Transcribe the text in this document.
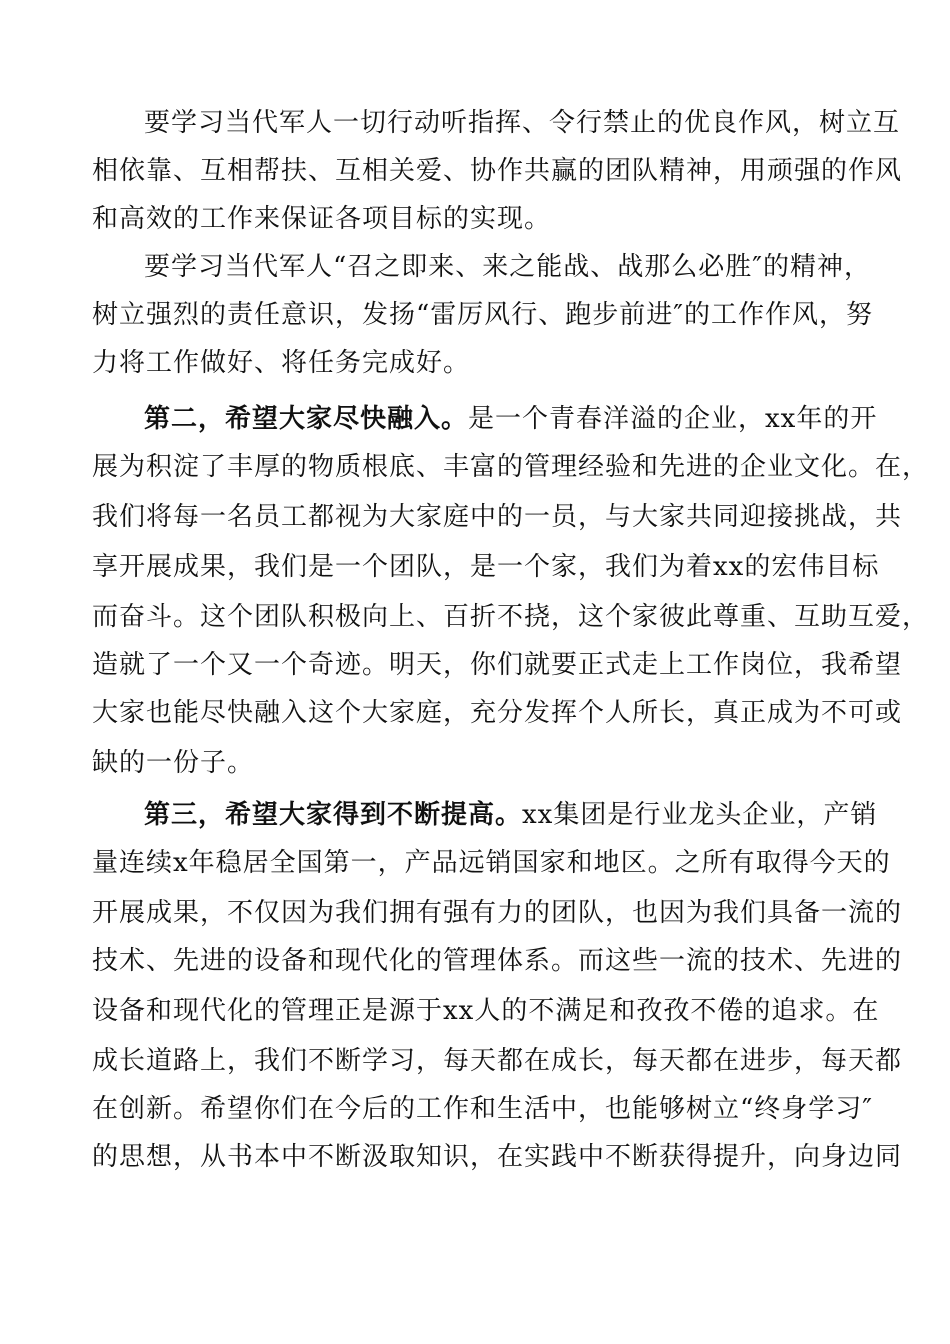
要学习当代军人一切行动听指挥、令行禁止的优良作风，树立互
相依靠、互相帮扶、互相关爱、协作共赢的团队精神，用顽强的作风
和高效的工作来保证各项目标的实现。
要学习当代军人“召之即来、来之能战、战那么必胜″的精神，
树立强烈的责任意识，发扬“雷厉风行、跑步前进″的工作作风，努
力将工作做好、将任务完成好。
第二，希望大家尽快融入。是一个青春洋溢的企业，xx年的开
展为积淀了丰厚的物质根底、丰富的管理经验和先进的企业文化。在，
我们将每一名员工都视为大家庭中的一员，与大家共同迎接挑战，共
享开展成果，我们是一个团队，是一个家，我们为着xx的宏伟目标
而奋斗。这个团队积极向上、百折不挠，这个家彼此尊重、互助互爱，
造就了一个又一个奇迹。明天，你们就要正式走上工作岗位，我希望
大家也能尽快融入这个大家庭，充分发挥个人所长，真正成为不可或
缺的一份子。
第三，希望大家得到不断提高。xx集团是行业龙头企业，产销
量连续x年稳居全国第一，产品远销国家和地区。之所有取得今天的
开展成果，不仅因为我们拥有强有力的团队，也因为我们具备一流的
技术、先进的设备和现代化的管理体系。而这些一流的技术、先进的
设备和现代化的管理正是源于xx人的不满足和孜孜不倦的追求。在
成长道路上，我们不断学习，每天都在成长，每天都在进步，每天都
在创新。希望你们在今后的工作和生活中，也能够树立“终身学习″
的思想，从书本中不断汲取知识，在实践中不断获得提升，向身边同
